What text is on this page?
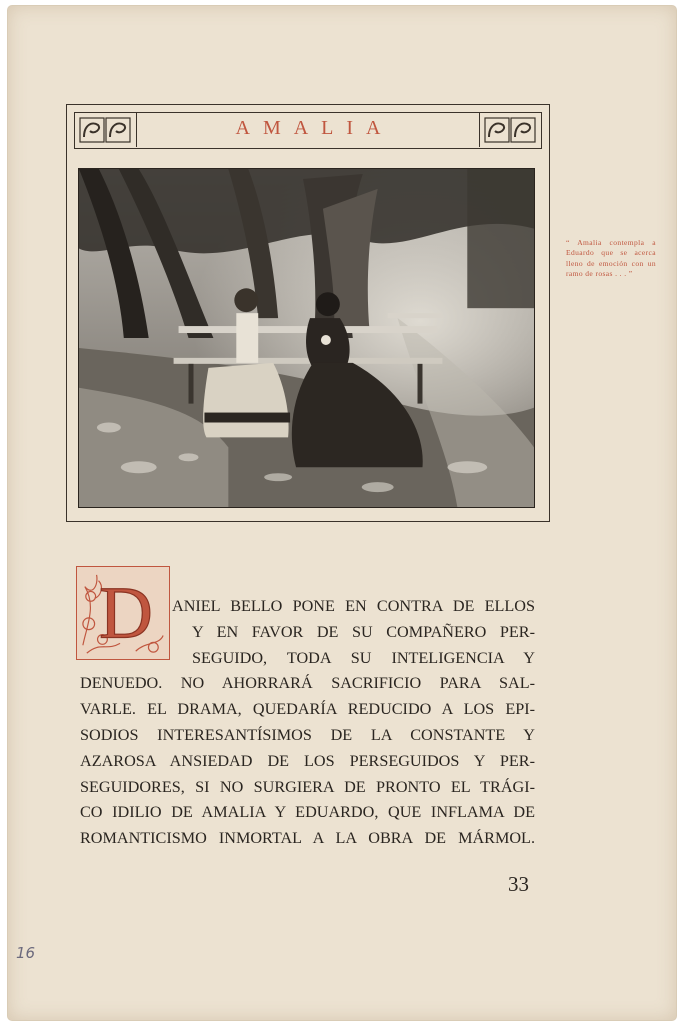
AMALIA
“ Amalia contempla a Eduardo que se acerca lleno de emoción con un ramo de rosas . . . ”
D ANIEL BELLO PONE EN CONTRA DE ELLOS
Y EN FAVOR DE SU COMPAÑERO PER-
SEGUIDO, TODA SU INTELIGENCIA Y
DENUEDO. NO AHORRARÁ SACRIFICIO PARA SAL-
VARLE. EL DRAMA, QUEDARÍA REDUCIDO A LOS EPI-
SODIOS INTERESANTÍSIMOS DE LA CONSTANTE Y
AZAROSA ANSIEDAD DE LOS PERSEGUIDOS Y PER-
SEGUIDORES, SI NO SURGIERA DE PRONTO EL TRÁGI-
CO IDILIO DE AMALIA Y EDUARDO, QUE INFLAMA DE
ROMANTICISMO INMORTAL A LA OBRA DE MÁRMOL.
33
16
